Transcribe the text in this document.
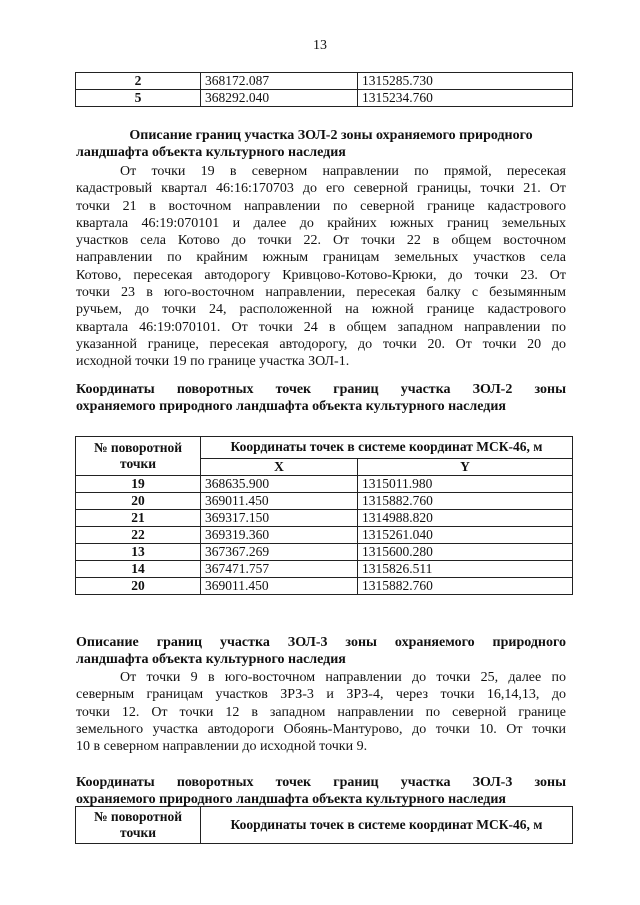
13
2	368172.087	1315285.730
5	368292.040	1315234.760
Описание границ участка ЗОЛ-2 зоны охраняемого природного
ландшафта объекта культурного наследия
От точки 19 в северном направлении по прямой, пересекая
кадастровый квартал 46:16:170703 до его северной границы, точки 21. От
точки 21 в восточном направлении по северной границе кадастрового
квартала 46:19:070101 и далее до крайних южных границ земельных
участков села Котово до точки 22. От точки 22 в общем восточном
направлении по крайним южным границам земельных участков села
Котово, пересекая автодорогу Кривцово-Котово-Крюки, до точки 23. От
точки 23 в юго-восточном направлении, пересекая балку с безымянным
ручьем, до точки 24, расположенной на южной границе кадастрового
квартала 46:19:070101. От точки 24 в общем западном направлении по
указанной границе, пересекая автодорогу, до точки 20. От точки 20 до
исходной точки 19 по границе участка ЗОЛ-1.
Координаты поворотных точек границ участка ЗОЛ-2 зоны
охраняемого природного ландшафта объекта культурного наследия
№ поворотной точки	Координаты точек в системе координат МСК-46, м	
	X	Y
19	368635.900	1315011.980
20	369011.450	1315882.760
21	369317.150	1314988.820
22	369319.360	1315261.040
13	367367.269	1315600.280
14	367471.757	1315826.511
20	369011.450	1315882.760
Описание границ участка ЗОЛ-3 зоны охраняемого природного
ландшафта объекта культурного наследия
От точки 9 в юго-восточном направлении до точки 25, далее по
северным границам участков ЗРЗ-3 и ЗРЗ-4, через точки 16,14,13, до
точки 12. От точки 12 в западном направлении по северной границе
земельного участка автодороги Обоянь-Мантурово, до точки 10. От точки
10 в северном направлении до исходной точки 9.
Координаты поворотных точек границ участка ЗОЛ-3 зоны
охраняемого природного ландшафта объекта культурного наследия
№ поворотной точки	Координаты точек в системе координат МСК-46, м
